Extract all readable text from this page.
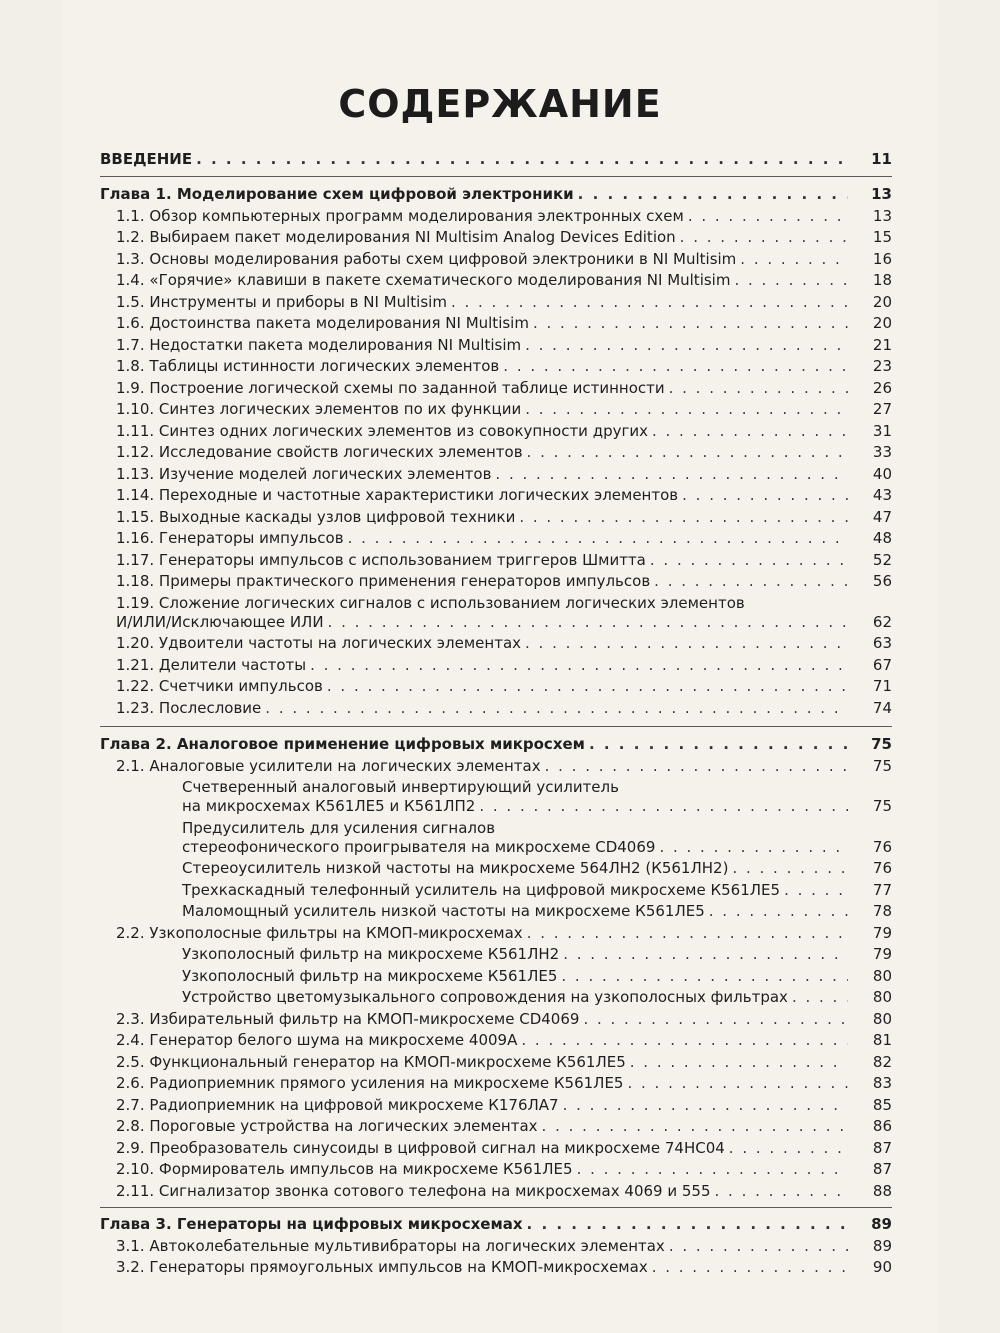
СОДЕРЖАНИЕ
ВВЕДЕНИЕ . . .	11
Глава 1. Моделирование схем цифровой электроники . . .	13
1.1. Обзор компьютерных программ моделирования электронных схем . . .	13
1.2. Выбираем пакет моделирования NI Multisim Analog Devices Edition . . .	15
1.3. Основы моделирования работы схем цифровой электроники в NI Multisim . . .	16
1.4. «Горячие» клавиши в пакете схематического моделирования NI Multisim . . .	18
1.5. Инструменты и приборы в NI Multisim . . .	20
1.6. Достоинства пакета моделирования NI Multisim . . .	20
1.7. Недостатки пакета моделирования NI Multisim . . .	21
1.8. Таблицы истинности логических элементов . . .	23
1.9. Построение логической схемы по заданной таблице истинности . . .	26
1.10. Синтез логических элементов по их функции . . .	27
1.11. Синтез одних логических элементов из совокупности других . . .	31
1.12. Исследование свойств логических элементов . . .	33
1.13. Изучение моделей логических элементов . . .	40
1.14. Переходные и частотные характеристики логических элементов . . .	43
1.15. Выходные каскады узлов цифровой техники . . .	47
1.16. Генераторы импульсов . . .	48
1.17. Генераторы импульсов с использованием триггеров Шмитта . . .	52
1.18. Примеры практического применения генераторов импульсов . . .	56
1.19. Сложение логических сигналов с использованием логических элементов
И/ИЛИ/Исключающее ИЛИ . . .	62
1.20. Удвоители частоты на логических элементах . . .	63
1.21. Делители частоты . . .	67
1.22. Счетчики импульсов . . .	71
1.23. Послесловие . . .	74
Глава 2. Аналоговое применение цифровых микросхем . . .	75
2.1. Аналоговые усилители на логических элементах . . .	75
Счетверенный аналоговый инвертирующий усилитель
на микросхемах К561ЛЕ5 и К561ЛП2 . . .	75
Предусилитель для усиления сигналов
стереофонического проигрывателя на микросхеме CD4069 . . .	76
Стереоусилитель низкой частоты на микросхеме 564ЛН2 (К561ЛН2) . . .	76
Трехкаскадный телефонный усилитель на цифровой микросхеме К561ЛЕ5 . . .	77
Маломощный усилитель низкой частоты на микросхеме К561ЛЕ5 . . .	78
2.2. Узкополосные фильтры на КМОП-микросхемах . . .	79
Узкополосный фильтр на микросхеме К561ЛН2 . . .	79
Узкополосный фильтр на микросхеме К561ЛЕ5 . . .	80
Устройство цветомузыкального сопровождения на узкополосных фильтрах . . .	80
2.3. Избирательный фильтр на КМОП-микросхеме CD4069 . . .	80
2.4. Генератор белого шума на микросхеме 4009А . . .	81
2.5. Функциональный генератор на КМОП-микросхеме К561ЛЕ5 . . .	82
2.6. Радиоприемник прямого усиления на микросхеме К561ЛЕ5 . . .	83
2.7. Радиоприемник на цифровой микросхеме К176ЛА7 . . .	85
2.8. Пороговые устройства на логических элементах . . .	86
2.9. Преобразователь синусоиды в цифровой сигнал на микросхеме 74НС04 . . .	87
2.10. Формирователь импульсов на микросхеме К561ЛЕ5 . . .	87
2.11. Сигнализатор звонка сотового телефона на микросхемах 4069 и 555 . . .	88
Глава 3. Генераторы на цифровых микросхемах . . .	89
3.1. Автоколебательные мультивибраторы на логических элементах . . .	89
3.2. Генераторы прямоугольных импульсов на КМОП-микросхемах . . .	90
